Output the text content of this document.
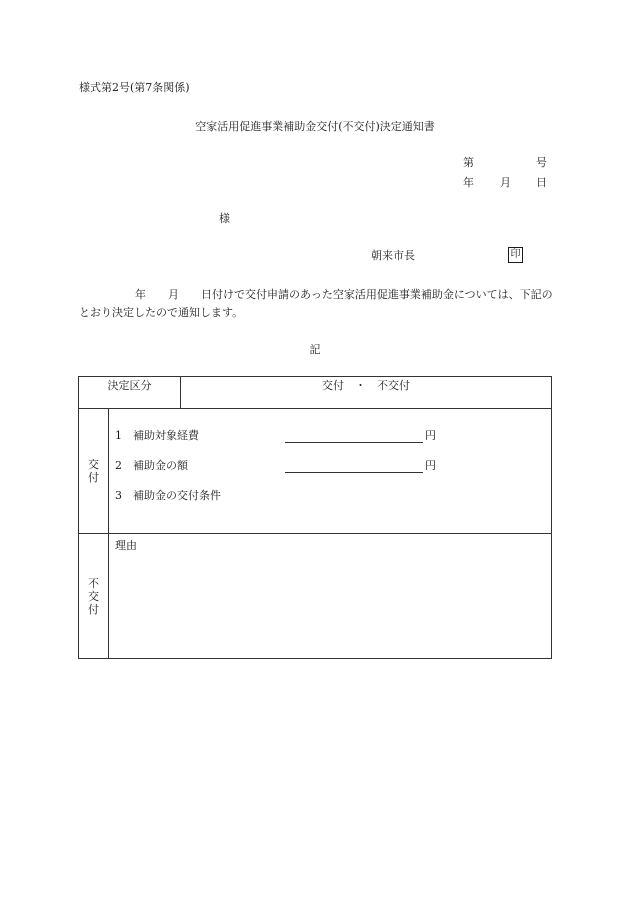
様式第2号(第7条関係)
空家活用促進事業補助金交付(不交付)決定通知書
第	号
年 月 日
様
朝来市長	印
年 月 日付けで交付申請のあった空家活用促進事業補助金については、下記のとおり決定したので通知します。
記
決定区分		交付　・　不交付
交付	1 補助対象経費 円
2 補助金の額 円
3 補助金の交付条件	

不交付	理由	
